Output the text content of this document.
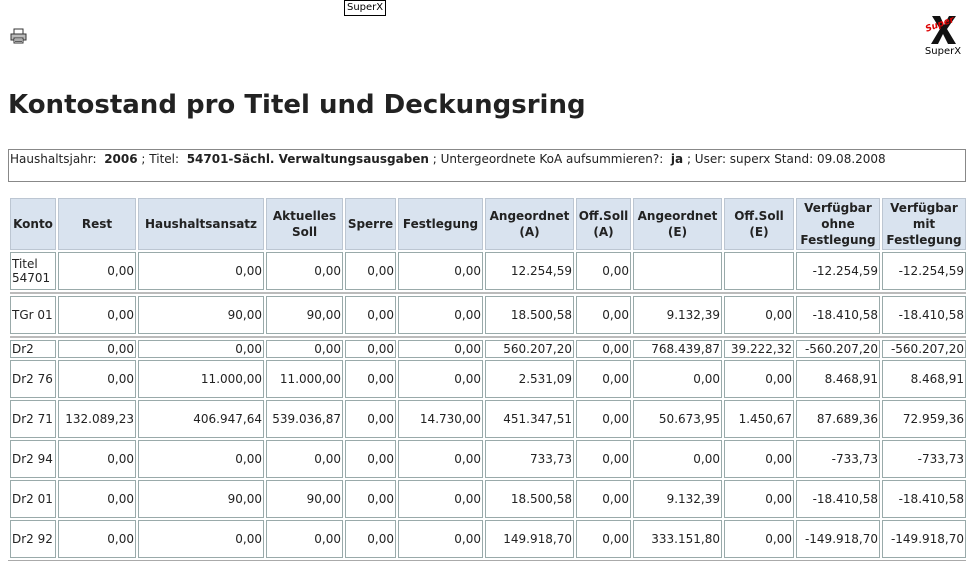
SuperX
Super
SuperX
Kontostand pro Titel und Deckungsring
Haushaltsjahr: 2006 ; Titel: 54701-Sächl. Verwaltungsausgaben ; Untergeordnete KoA aufsummieren?: ja ; User: superx Stand: 09.08.2008
Konto	Rest	Haushaltsansatz	Aktuelles Soll	Sperre	Festlegung	Angeordnet (A)	Off.Soll (A)	Angeordnet (E)	Off.Soll (E)	Verfügbar ohne Festlegung	Verfügbar mit Festlegung
Titel 54701	0,00	0,00	0,00	0,00	0,00	12.254,59	0,00			-12.254,59	-12.254,59

TGr 01	0,00	90,00	90,00	0,00	0,00	18.500,58	0,00	9.132,39	0,00	-18.410,58	-18.410,58

Dr2	0,00	0,00	0,00	0,00	0,00	560.207,20	0,00	768.439,87	39.222,32	-560.207,20	-560.207,20
Dr2 76	0,00	11.000,00	11.000,00	0,00	0,00	2.531,09	0,00	0,00	0,00	8.468,91	8.468,91
Dr2 71	132.089,23	406.947,64	539.036,87	0,00	14.730,00	451.347,51	0,00	50.673,95	1.450,67	87.689,36	72.959,36
Dr2 94	0,00	0,00	0,00	0,00	0,00	733,73	0,00	0,00	0,00	-733,73	-733,73
Dr2 01	0,00	90,00	90,00	0,00	0,00	18.500,58	0,00	9.132,39	0,00	-18.410,58	-18.410,58
Dr2 92	0,00	0,00	0,00	0,00	0,00	149.918,70	0,00	333.151,80	0,00	-149.918,70	-149.918,70
